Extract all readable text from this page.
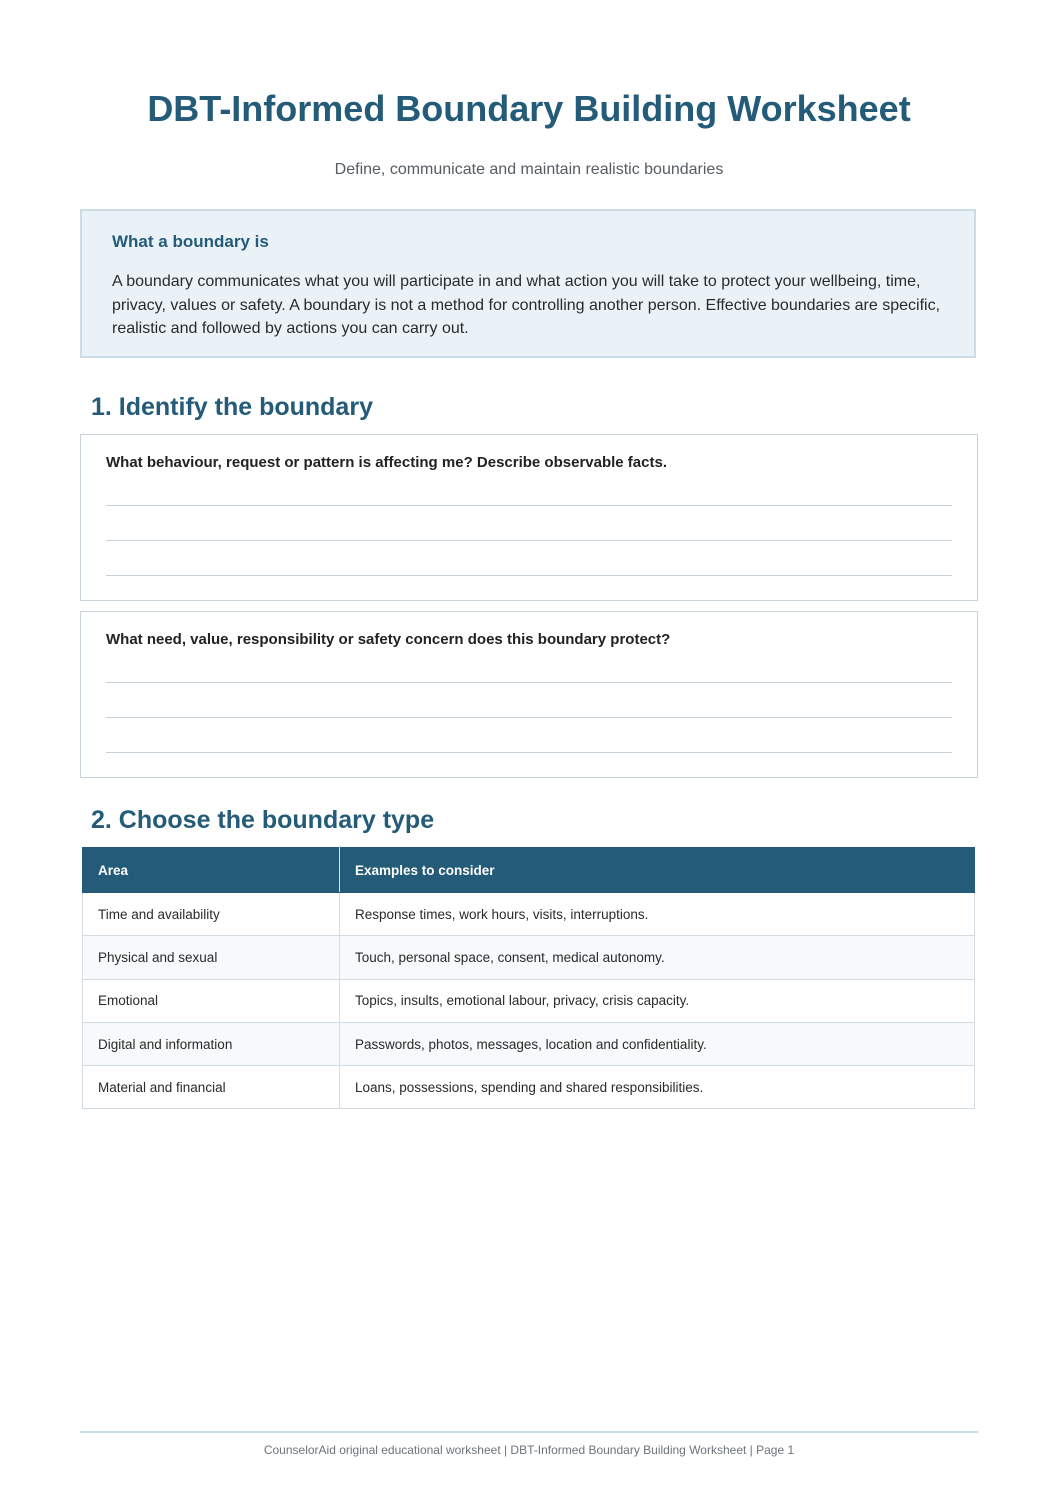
DBT-Informed Boundary Building Worksheet
Define, communicate and maintain realistic boundaries
What a boundary is
A boundary communicates what you will participate in and what action you will take to protect your wellbeing, time, privacy, values or safety. A boundary is not a method for controlling another person. Effective boundaries are specific, realistic and followed by actions you can carry out.
1. Identify the boundary
What behaviour, request or pattern is affecting me? Describe observable facts.
What need, value, responsibility or safety concern does this boundary protect?
2. Choose the boundary type
Area	Examples to consider
Time and availability	Response times, work hours, visits, interruptions.
Physical and sexual	Touch, personal space, consent, medical autonomy.
Emotional	Topics, insults, emotional labour, privacy, crisis capacity.
Digital and information	Passwords, photos, messages, location and confidentiality.
Material and financial	Loans, possessions, spending and shared responsibilities.
CounselorAid original educational worksheet | DBT-Informed Boundary Building Worksheet | Page 1
